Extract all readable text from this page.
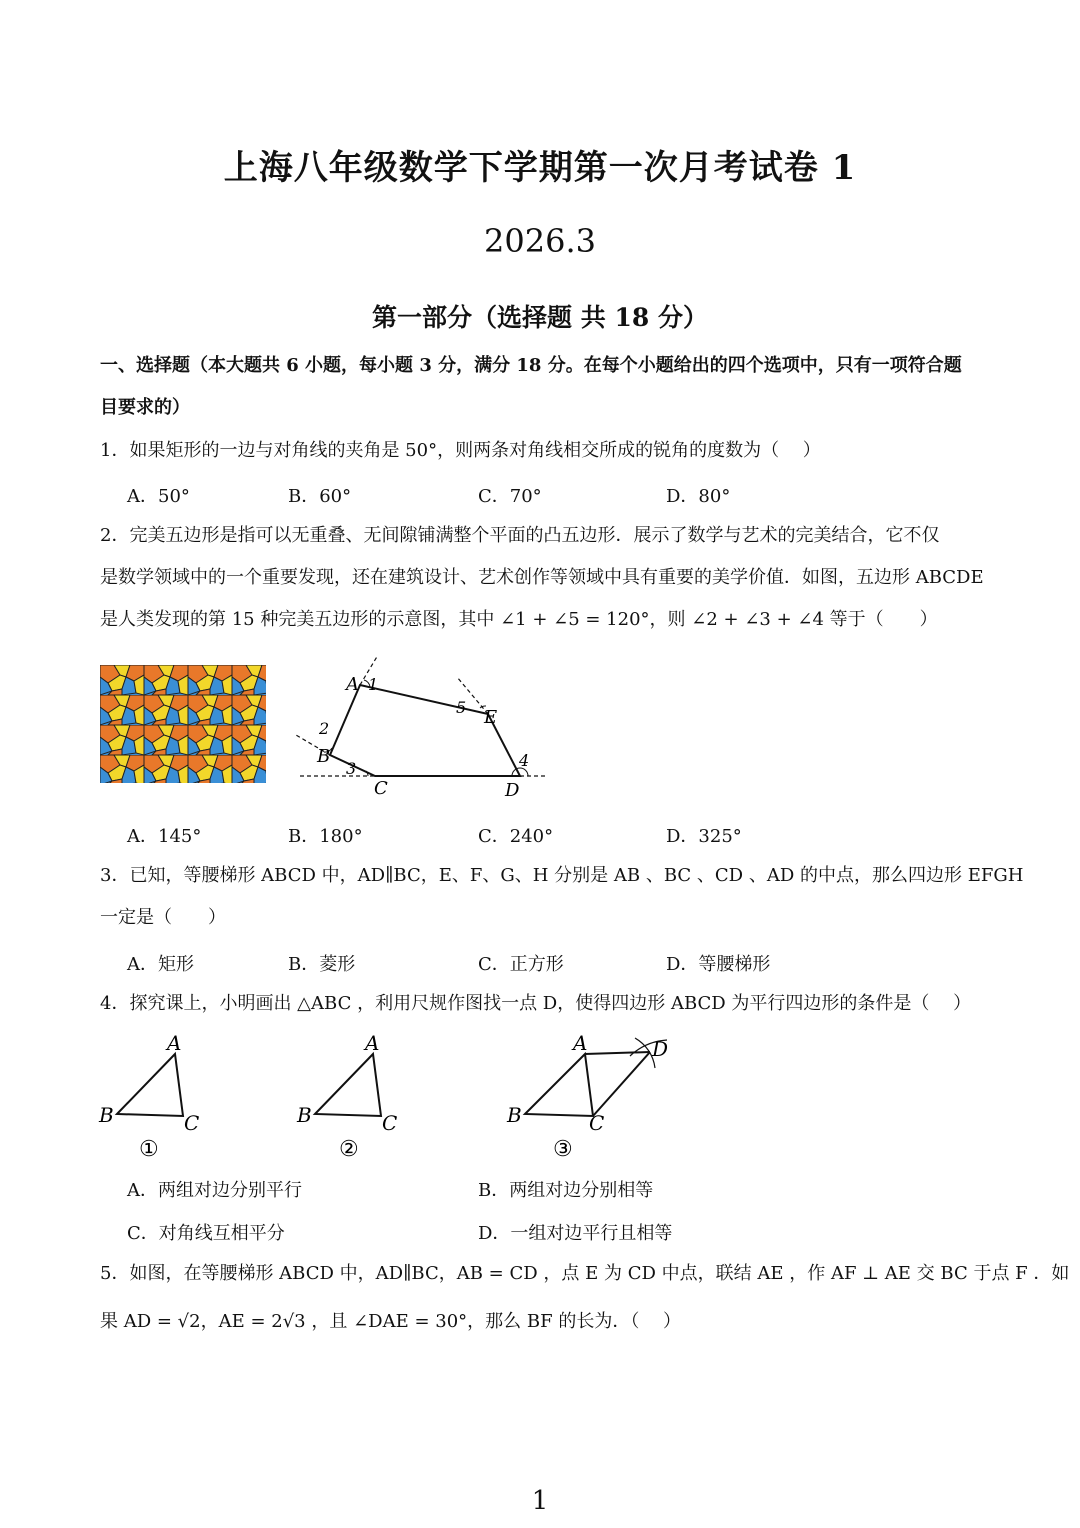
上海八年级数学下学期第一次月考试卷 1
2026.3
第一部分（选择题 共 18 分）
一、选择题（本大题共 6 小题，每小题 3 分，满分 18 分。在每个小题给出的四个选项中，只有一项符合题
目要求的）
1．如果矩形的一边与对角线的夹角是 50°，则两条对角线相交所成的锐角的度数为（　 ）
A．50°	B．60°	C．70°	D．80°
2．完美五边形是指可以无重叠、无间隙铺满整个平面的凸五边形．展示了数学与艺术的完美结合，它不仅
是数学领域中的一个重要发现，还在建筑设计、艺术创作等领域中具有重要的美学价值．如图，五边形 ABCDE
是人类发现的第 15 种完美五边形的示意图，其中 ∠1 + ∠5 = 120°，则 ∠2 + ∠3 + ∠4 等于（　　）
A 1
5 E
2
B
3
C	D
4
A．145°	B．180°	C．240°	D．325°
3．已知，等腰梯形 ABCD 中，AD∥BC，E、F、G、H 分别是 AB 、BC 、CD 、AD 的中点，那么四边形 EFGH
一定是（　　）
A．矩形	B．菱形	C．正方形	D．等腰梯形
4．探究课上，小明画出 △ABC ，利用尺规作图找一点 D，使得四边形 ABCD 为平行四边形的条件是（　 ）
A
B	C
①
A
B	C
②
A	D
B	C
③
A．两组对边分别平行	B．两组对边分别相等
C．对角线互相平分	D．一组对边平行且相等
5．如图，在等腰梯形 ABCD 中，AD∥BC，AB = CD ，点 E 为 CD 中点，联结 AE ，作 AF ⊥ AE 交 BC 于点 F ．如
果 AD = √2，AE = 2√3 ，且 ∠DAE = 30°，那么 BF 的长为．（　 ）
1
